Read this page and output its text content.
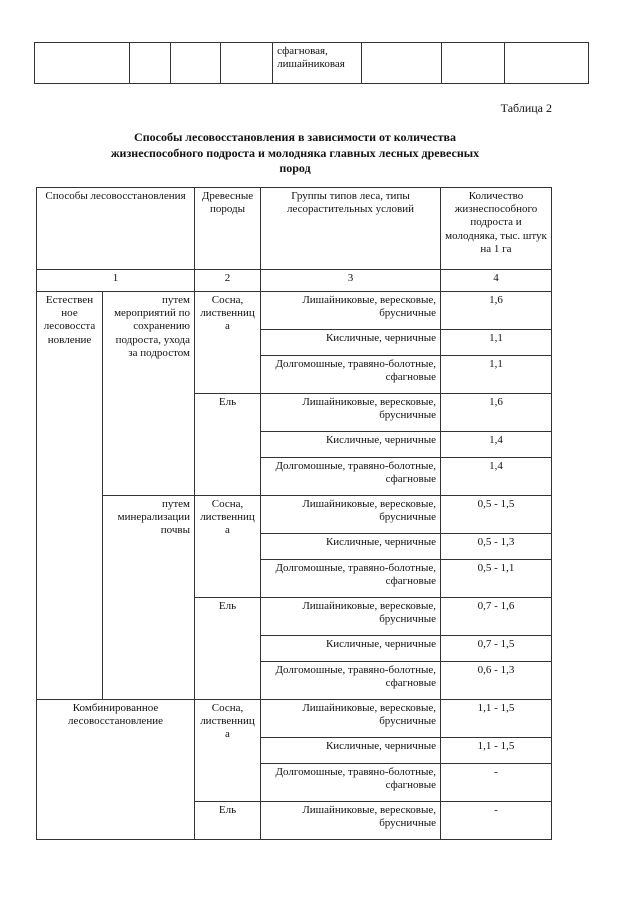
				сфагновая,
лишайниковая			
Таблица 2
Способы лесовосстановления в зависимости от количества жизнеспособного подроста и молодняка главных лесных древесных пород
Способы лесовосстановления		Древесные породы	Группы типов леса, типы лесорастительных условий	Количество жизнеспособного подроста и молодняка, тыс. штук на 1 га
1		2	3	4
Естествен ное лесовосста новление	путем мероприятий по сохранению подроста, ухода за подростом	Сосна, лиственниц а	Лишайниковые, вересковые, брусничные	1,6
			Кисличные, черничные	1,1
			Долгомошные, травяно-болотные, сфагновые	1,1
		Ель	Лишайниковые, вересковые, брусничные	1,6
			Кисличные, черничные	1,4
			Долгомошные, травяно-болотные, сфагновые	1,4
	путем минерализации почвы	Сосна, лиственниц а	Лишайниковые, вересковые, брусничные	0,5 - 1,5
			Кисличные, черничные	0,5 - 1,3
			Долгомошные, травяно-болотные, сфагновые	0,5 - 1,1
		Ель	Лишайниковые, вересковые, брусничные	0,7 - 1,6
			Кисличные, черничные	0,7 - 1,5
			Долгомошные, травяно-болотные, сфагновые	0,6 - 1,3
Комбинированное лесовосстановление		Сосна, лиственниц а	Лишайниковые, вересковые, брусничные	1,1 - 1,5
			Кисличные, черничные	1,1 - 1,5
			Долгомошные, травяно-болотные, сфагновые	-
		Ель	Лишайниковые, вересковые, брусничные	-
